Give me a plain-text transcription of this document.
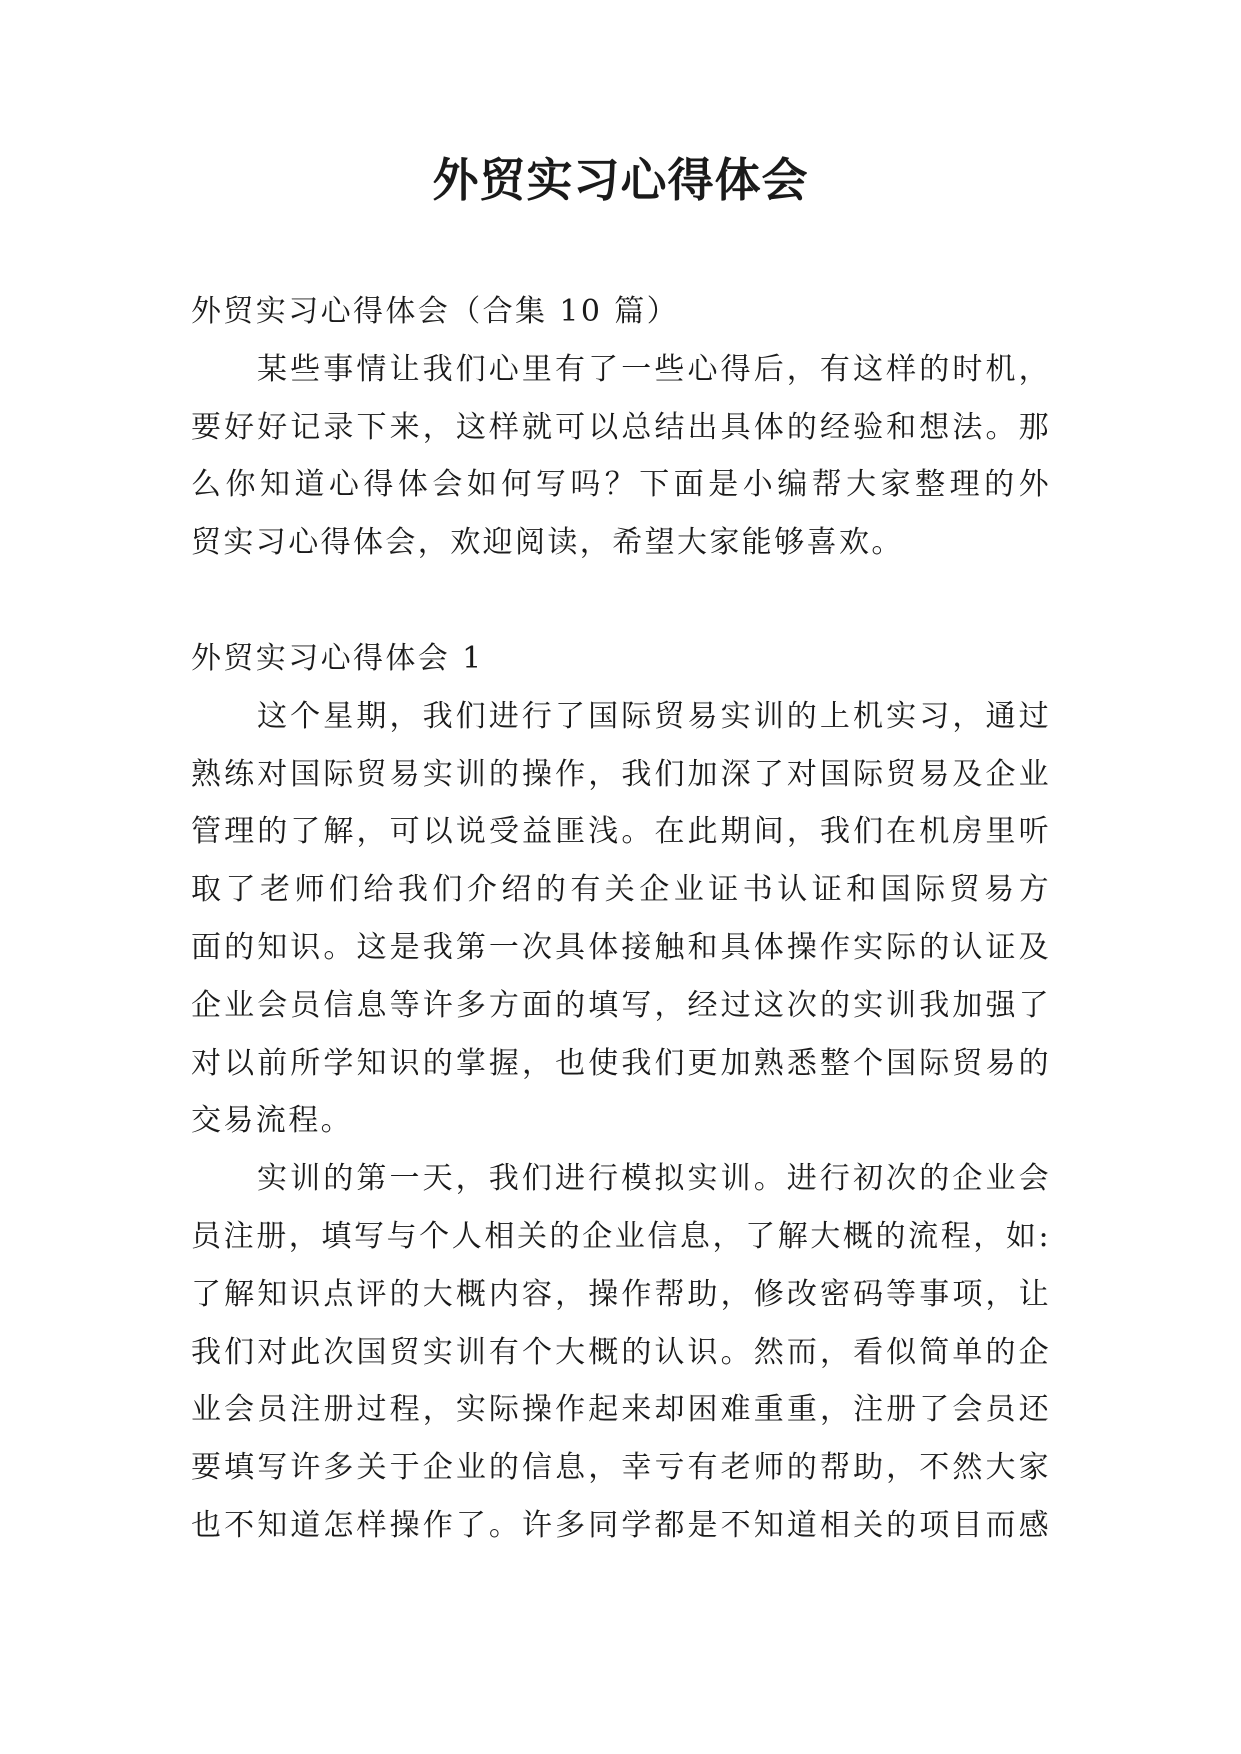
外贸实习心得体会
外贸实习心得体会（合集 10 篇）
某些事情让我们心里有了一些心得后，有这样的时机，
要好好记录下来，这样就可以总结出具体的经验和想法。那
么你知道心得体会如何写吗？下面是小编帮大家整理的外
贸实习心得体会，欢迎阅读，希望大家能够喜欢。
外贸实习心得体会 1
这个星期，我们进行了国际贸易实训的上机实习，通过
熟练对国际贸易实训的操作，我们加深了对国际贸易及企业
管理的了解，可以说受益匪浅。在此期间，我们在机房里听
取了老师们给我们介绍的有关企业证书认证和国际贸易方
面的知识。这是我第一次具体接触和具体操作实际的认证及
企业会员信息等许多方面的填写，经过这次的实训我加强了
对以前所学知识的掌握，也使我们更加熟悉整个国际贸易的
交易流程。
实训的第一天，我们进行模拟实训。进行初次的企业会
员注册，填写与个人相关的企业信息，了解大概的流程，如:
了解知识点评的大概内容，操作帮助，修改密码等事项，让
我们对此次国贸实训有个大概的认识。然而，看似简单的企
业会员注册过程，实际操作起来却困难重重，注册了会员还
要填写许多关于企业的信息，幸亏有老师的帮助，不然大家
也不知道怎样操作了。许多同学都是不知道相关的项目而感
